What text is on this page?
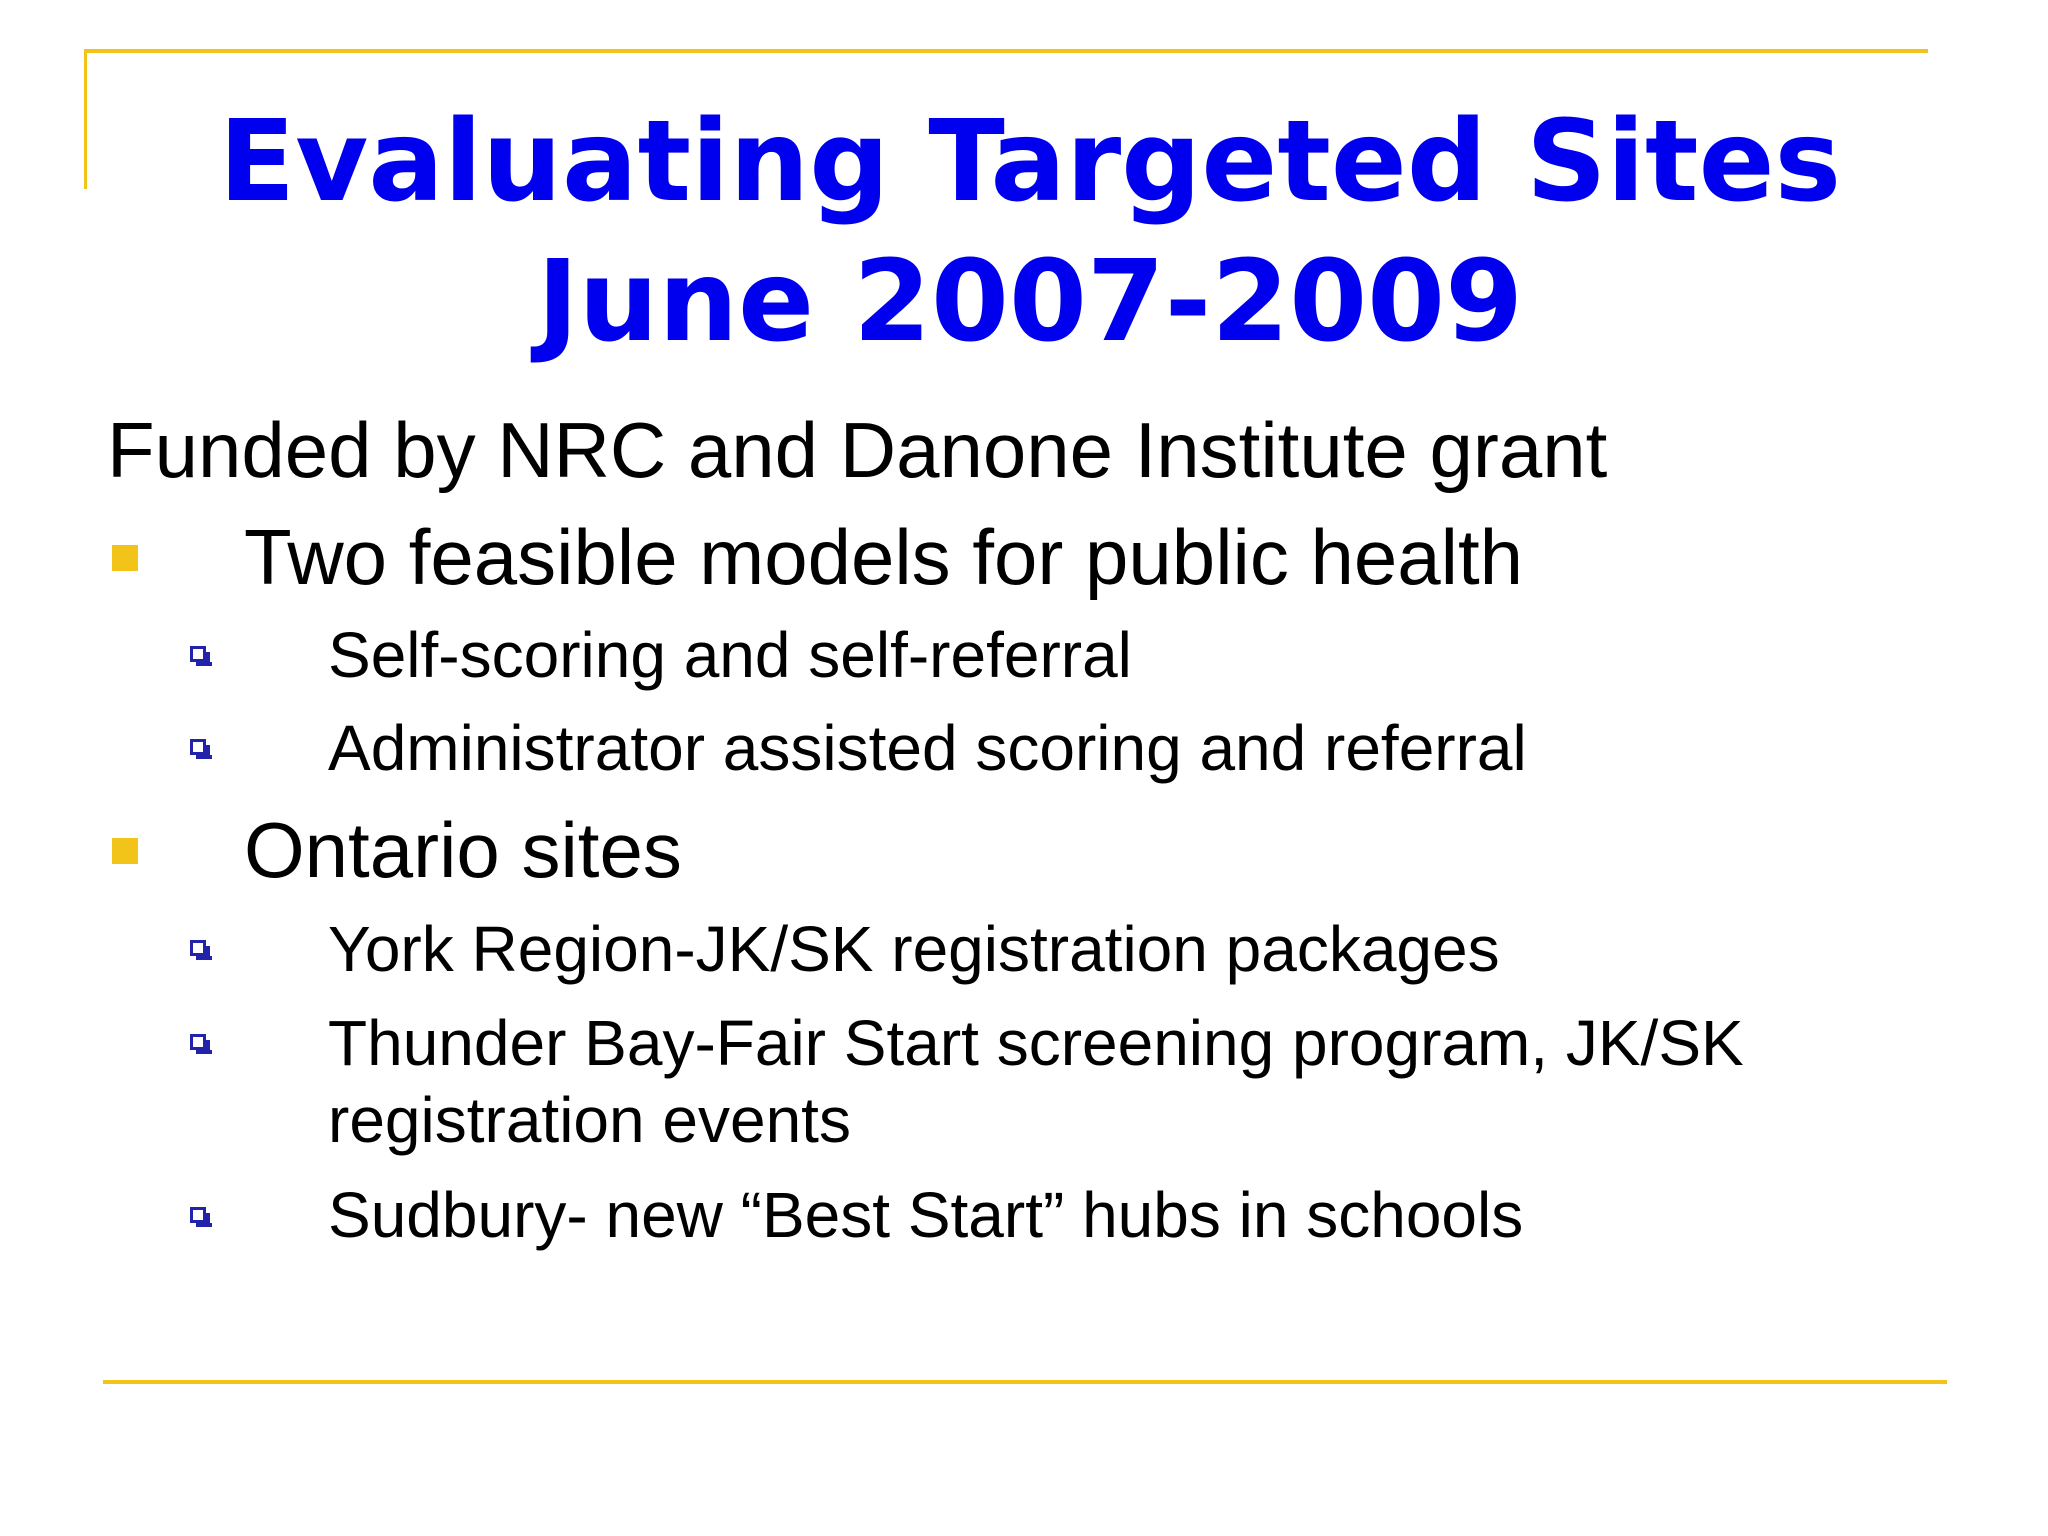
Evaluating Targeted Sites
June 2007-2009
Funded by NRC and Danone Institute grant
Two feasible models for public health
Self-scoring and self-referral
Administrator assisted scoring and referral
Ontario sites
York Region-JK/SK registration packages
Thunder Bay-Fair Start screening program, JK/SK
registration events
Sudbury- new “Best Start” hubs in schools
